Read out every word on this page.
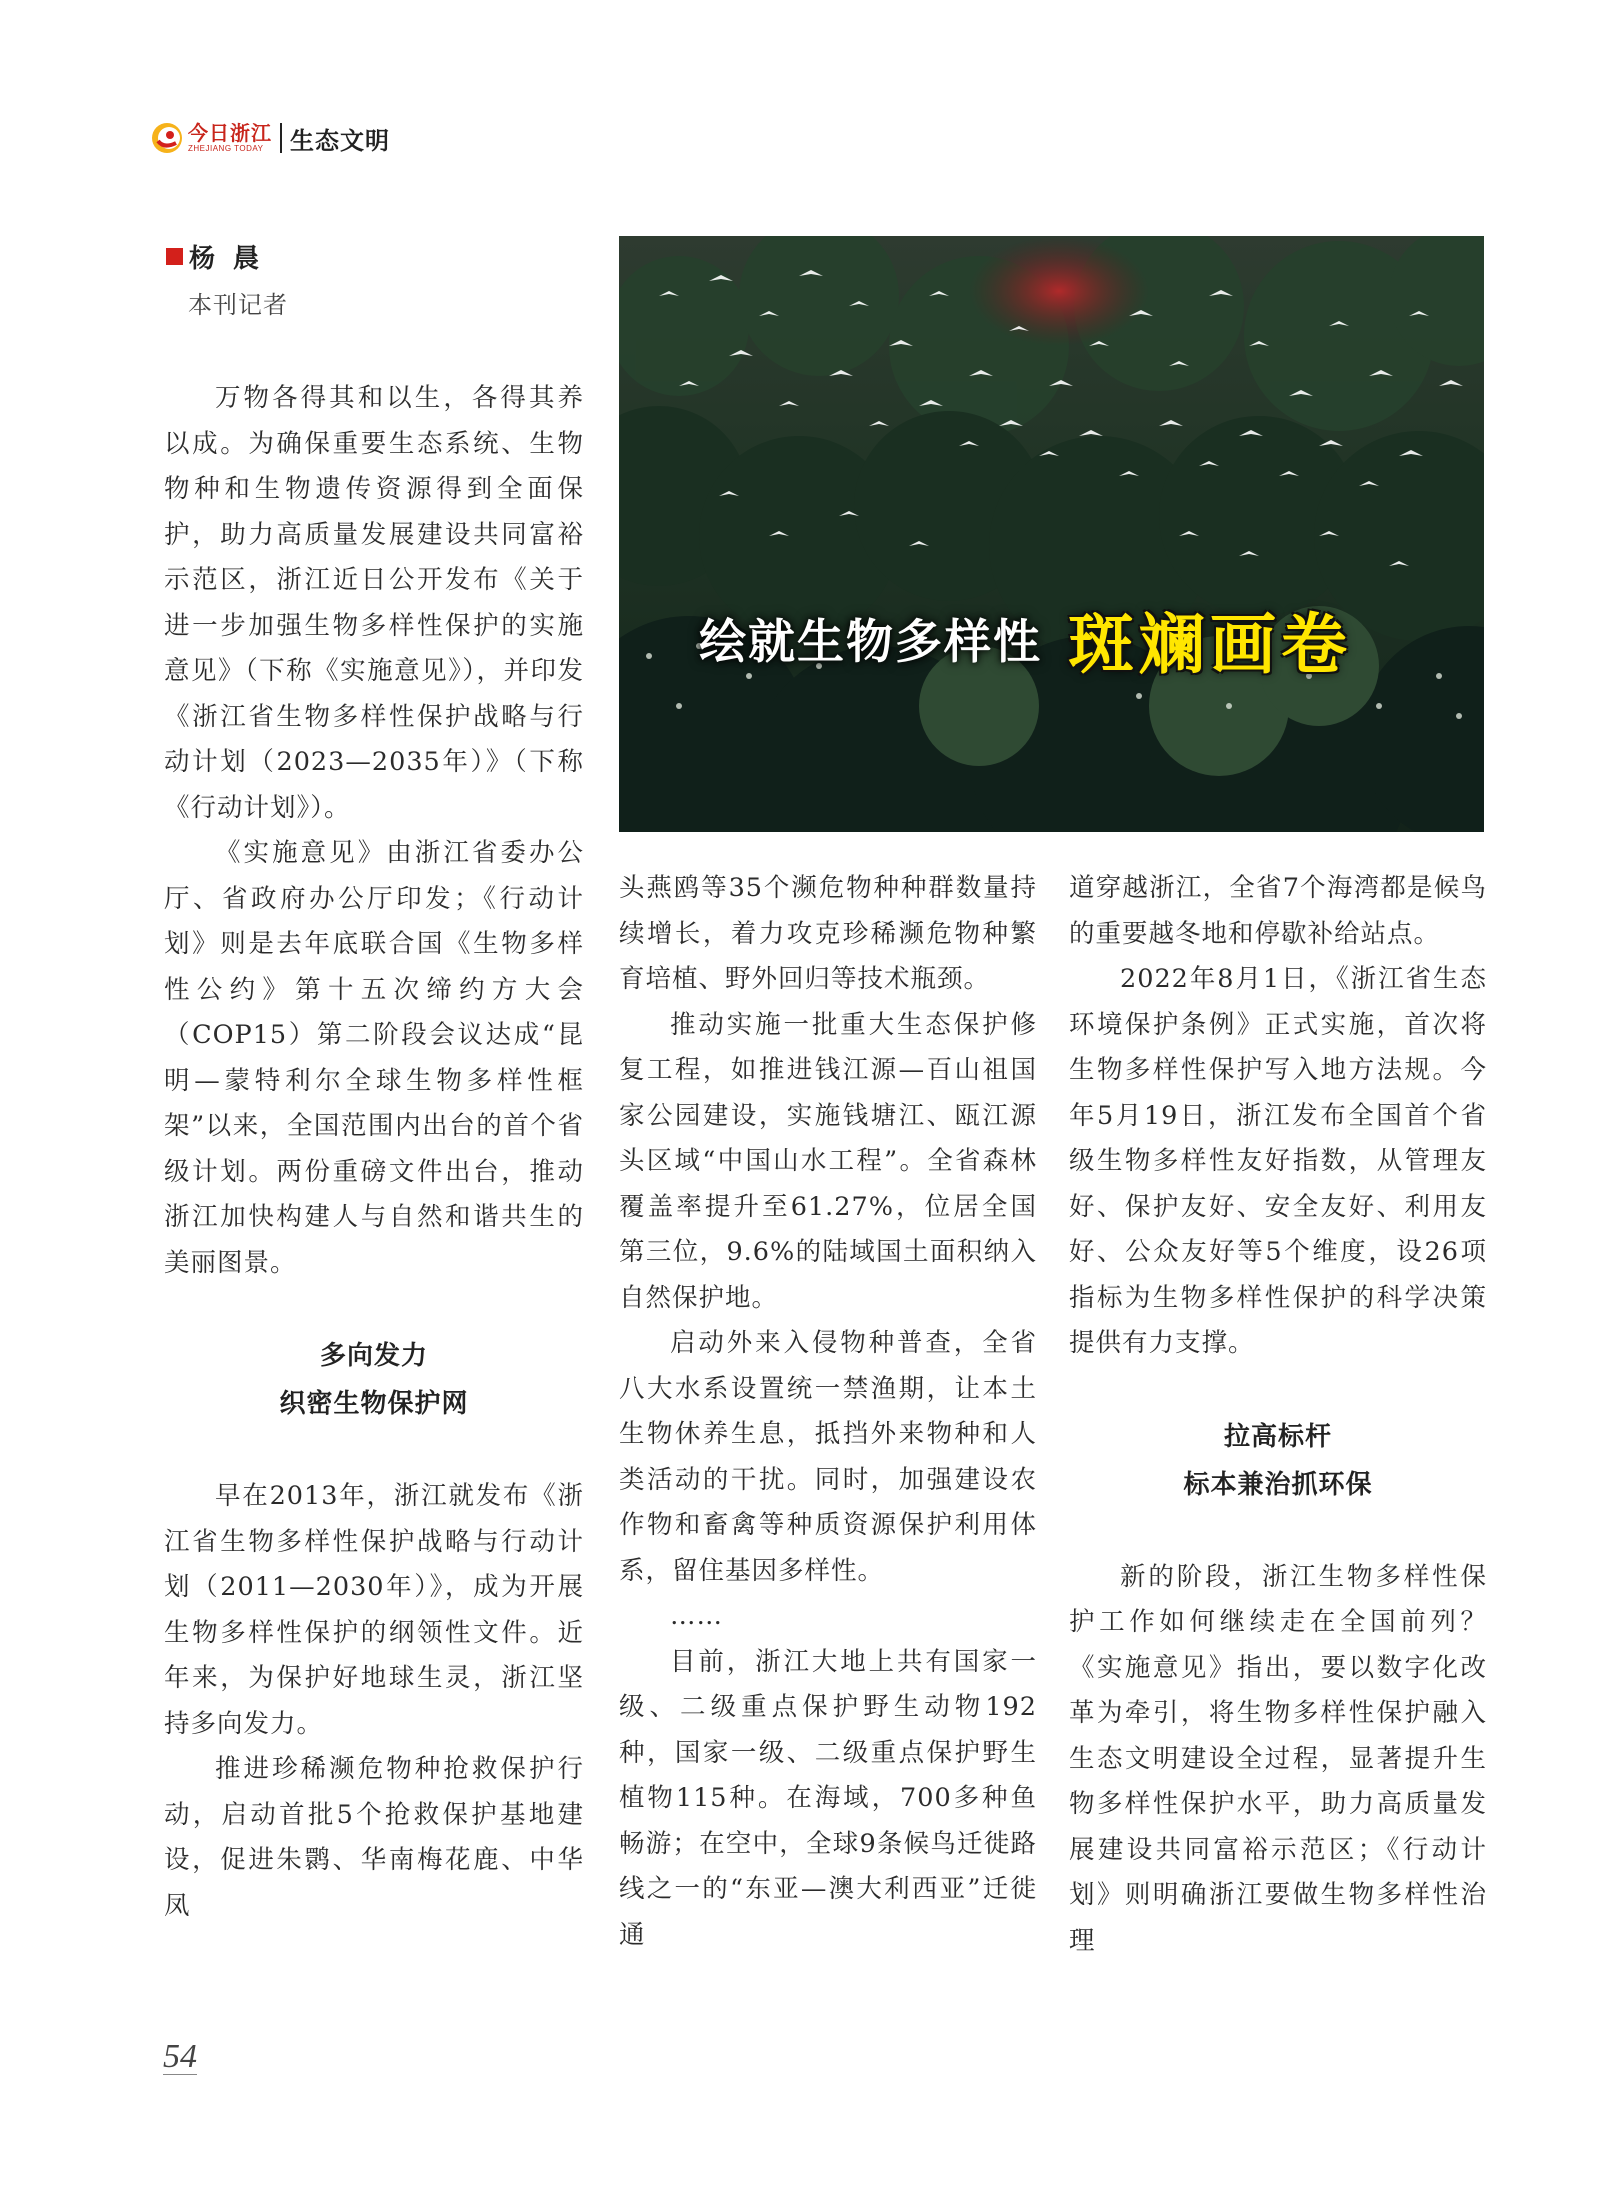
今日浙江
ZHEJIANG TODAY	生态文明
杨晨
本刊记者
绘就生物多样性 斑斓画卷

万物各得其和以生，各得其养以成。为确保重要生态系统、生物物种和生物遗传资源得到全面保护，助力高质量发展建设共同富裕示范区，浙江近日公开发布《关于进一步加强生物多样性保护的实施意见》（下称《实施意见》），并印发《浙江省生物多样性保护战略与行动计划（2023—2035年）》（下称《行动计划》）。

《实施意见》由浙江省委办公厅、省政府办公厅印发；《行动计划》则是去年底联合国《生物多样性公约》第十五次缔约方大会（COP15）第二阶段会议达成“昆明—蒙特利尔全球生物多样性框架”以来，全国范围内出台的首个省级计划。两份重磅文件出台，推动浙江加快构建人与自然和谐共生的美丽图景。

多向发力
织密生物保护网

早在2013年，浙江就发布《浙江省生物多样性保护战略与行动计划（2011—2030年）》，成为开展生物多样性保护的纲领性文件。近年来，为保护好地球生灵，浙江坚持多向发力。

推进珍稀濒危物种抢救保护行动，启动首批5个抢救保护基地建设，促进朱鹮、华南梅花鹿、中华凤

头燕鸥等35个濒危物种种群数量持续增长，着力攻克珍稀濒危物种繁育培植、野外回归等技术瓶颈。

推动实施一批重大生态保护修复工程，如推进钱江源—百山祖国家公园建设，实施钱塘江、瓯江源头区域“中国山水工程”。全省森林覆盖率提升至61.27%，位居全国第三位，9.6%的陆域国土面积纳入自然保护地。

启动外来入侵物种普查，全省八大水系设置统一禁渔期，让本土生物休养生息，抵挡外来物种和人类活动的干扰。同时，加强建设农作物和畜禽等种质资源保护利用体系，留住基因多样性。

……

目前，浙江大地上共有国家一级、二级重点保护野生动物192种，国家一级、二级重点保护野生植物115种。在海域，700多种鱼畅游；在空中，全球9条候鸟迁徙路线之一的“东亚—澳大利西亚”迁徙通

道穿越浙江，全省7个海湾都是候鸟的重要越冬地和停歇补给站点。

2022年8月1日，《浙江省生态环境保护条例》正式实施，首次将生物多样性保护写入地方法规。今年5月19日，浙江发布全国首个省级生物多样性友好指数，从管理友好、保护友好、安全友好、利用友好、公众友好等5个维度，设26项指标为生物多样性保护的科学决策提供有力支撑。

拉高标杆
标本兼治抓环保

新的阶段，浙江生物多样性保护工作如何继续走在全国前列？《实施意见》指出，要以数字化改革为牵引，将生物多样性保护融入生态文明建设全过程，显著提升生物多样性保护水平，助力高质量发展建设共同富裕示范区；《行动计划》则明确浙江要做生物多样性治理

54
